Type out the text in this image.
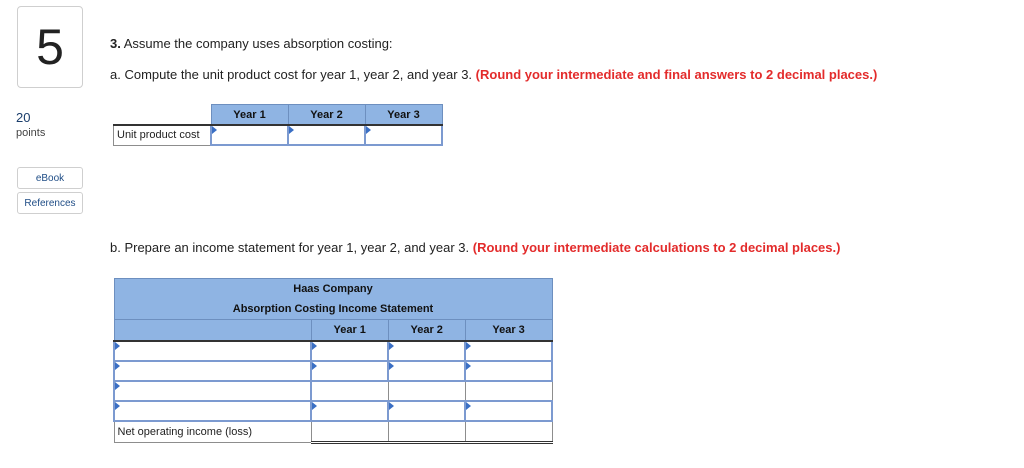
5
20
points
eBook
References
3. Assume the company uses absorption costing:
a. Compute the unit product cost for year 1, year 2, and year 3. (Round your intermediate and final answers to 2 decimal places.)
	Year 1	Year 2	Year 3
Unit product cost	

b. Prepare an income statement for year 1, year 2, and year 3. (Round your intermediate calculations to 2 decimal places.)
Haas Company			
Absorption Costing Income Statement			
	Year 1	Year 2	Year 3

Net operating income (loss)			
